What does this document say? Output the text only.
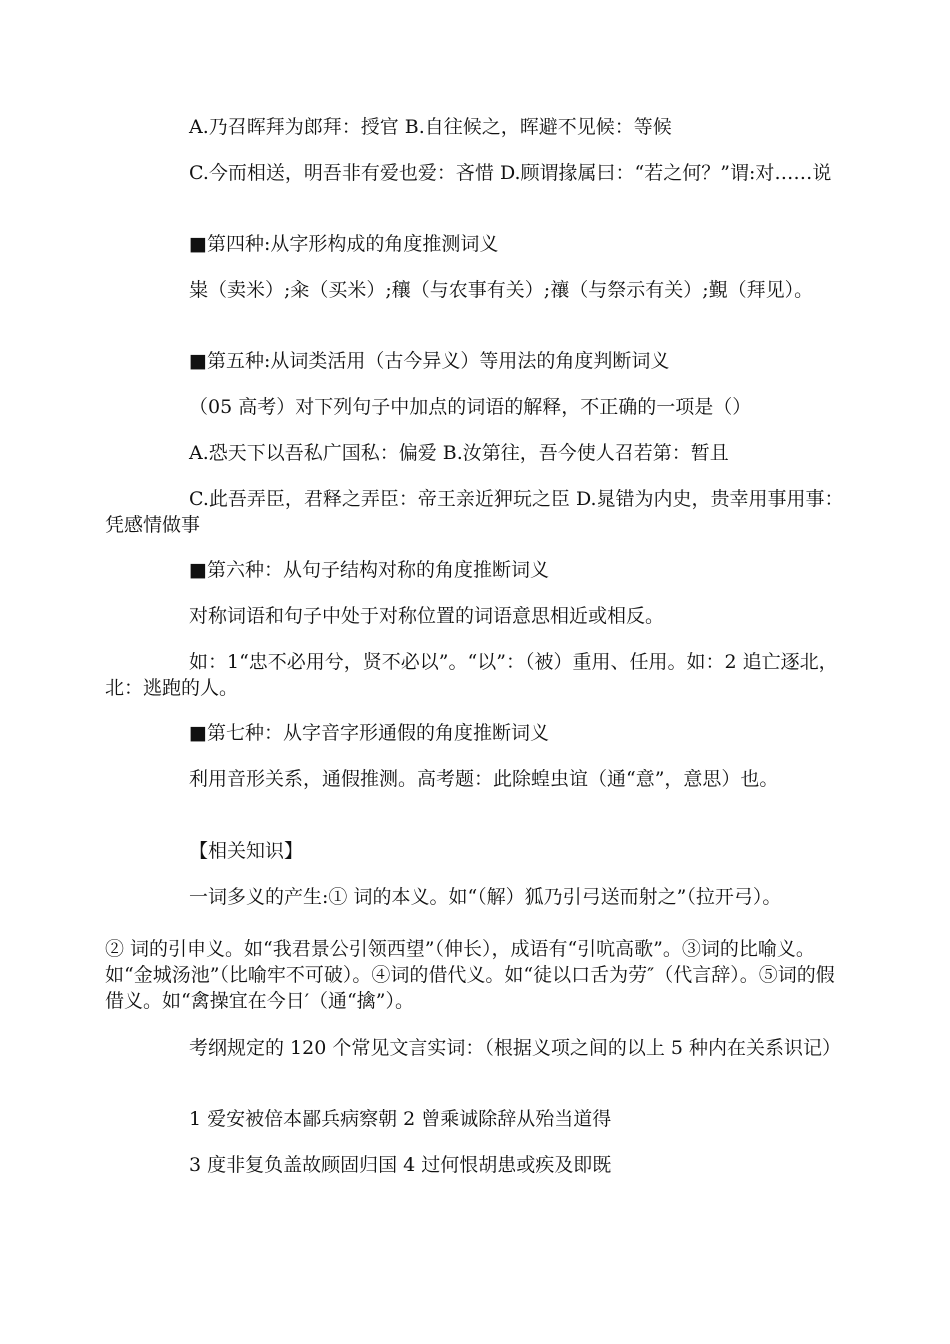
A.乃召晖拜为郎拜：授官 B.自往候之，晖避不见候：等候

C.今而相送，明吾非有爱也爱：吝惜 D.顾谓掾属曰：“若之何？”谓:对……说

■第四种:从字形构成的角度推测词义

粜（卖米）;籴（买米）;穰（与农事有关）;禳（与祭示有关）;覲（拜见）。

■第五种:从词类活用（古今异义）等用法的角度判断词义

（05 高考）对下列句子中加点的词语的解释，不正确的一项是（）

A.恐天下以吾私广国私：偏爱 B.汝第往，吾今使人召若第：暂且

C.此吾弄臣，君释之弄臣：帝王亲近狎玩之臣 D.晁错为内史，贵幸用事用事：凭感情做事

■第六种：从句子结构对称的角度推断词义

对称词语和句子中处于对称位置的词语意思相近或相反。

如：1“忠不必用兮，贤不必以”。“以”：（被）重用、任用。如：2 追亡逐北，北：逃跑的人。

■第七种：从字音字形通假的角度推断词义

利用音形关系，通假推测。高考题：此除蝗虫谊（通“意”，意思）也。

【相关知识】

一词多义的产生:① 词的本义。如“（解）狐乃引弓送而射之”（拉开弓）。

② 词的引申义。如“我君景公引领西望”（伸长），成语有“引吭高歌”。③词的比喻义。如“金城汤池”（比喻牢不可破）。④词的借代义。如“徒以口舌为劳″（代言辞）。⑤词的假借义。如“禽操宜在今日′（通“擒”）。

考纲规定的 120 个常见文言实词：（根据义项之间的以上 5 种内在关系识记）

1 爱安被倍本鄙兵病察朝 2 曾乘诚除辞从殆当道得

3 度非复负盖故顾固归国 4 过何恨胡患或疾及即既
